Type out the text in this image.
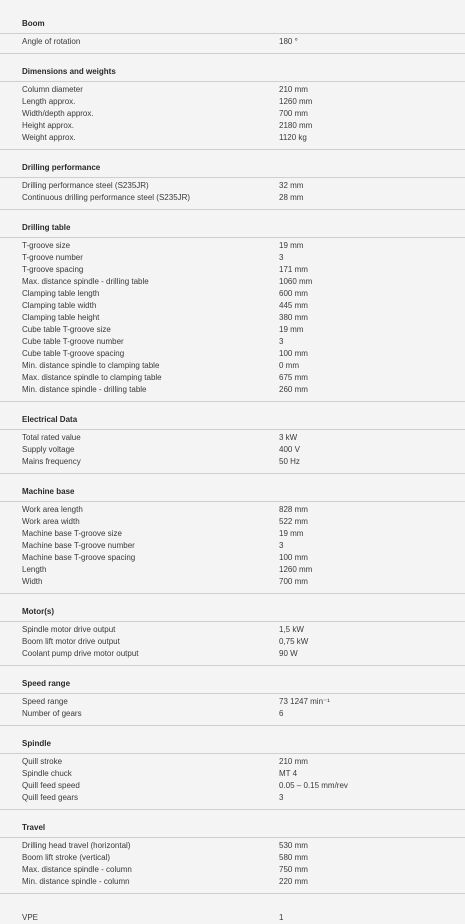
Boom
Angle of rotation	180 °
Dimensions and weights
Column diameter	210 mm
Length approx.	1260 mm
Width/depth approx.	700 mm
Height approx.	2180 mm
Weight approx.	1120 kg
Drilling performance
Drilling performance steel (S235JR)	32 mm
Continuous drilling performance steel (S235JR)	28 mm
Drilling table
T-groove size	19 mm
T-groove number	3
T-groove spacing	171 mm
Max. distance spindle - drilling table	1060 mm
Clamping table length	600 mm
Clamping table width	445 mm
Clamping table height	380 mm
Cube table T-groove size	19 mm
Cube table T-groove number	3
Cube table T-groove spacing	100 mm
Min. distance spindle to clamping table	0 mm
Max. distance spindle to clamping table	675 mm
Min. distance spindle - drilling table	260 mm
Electrical Data
Total rated value	3 kW
Supply voltage	400 V
Mains frequency	50 Hz
Machine base
Work area length	828 mm
Work area width	522 mm
Machine base T-groove size	19 mm
Machine base T-groove number	3
Machine base T-groove spacing	100 mm
Length	1260 mm
Width	700 mm
Motor(s)
Spindle motor drive output	1,5 kW
Boom lift motor drive output	0,75 kW
Coolant pump drive motor output	90 W
Speed range
Speed range	73 1247 min⁻¹
Number of gears	6
Spindle
Quill stroke	210 mm
Spindle chuck	MT 4
Quill feed speed	0.05 – 0.15 mm/rev
Quill feed gears	3
Travel
Drilling head travel (horizontal)	530 mm
Boom lift stroke (vertical)	580 mm
Max. distance spindle - column	750 mm
Min. distance spindle - column	220 mm
VPE	1
